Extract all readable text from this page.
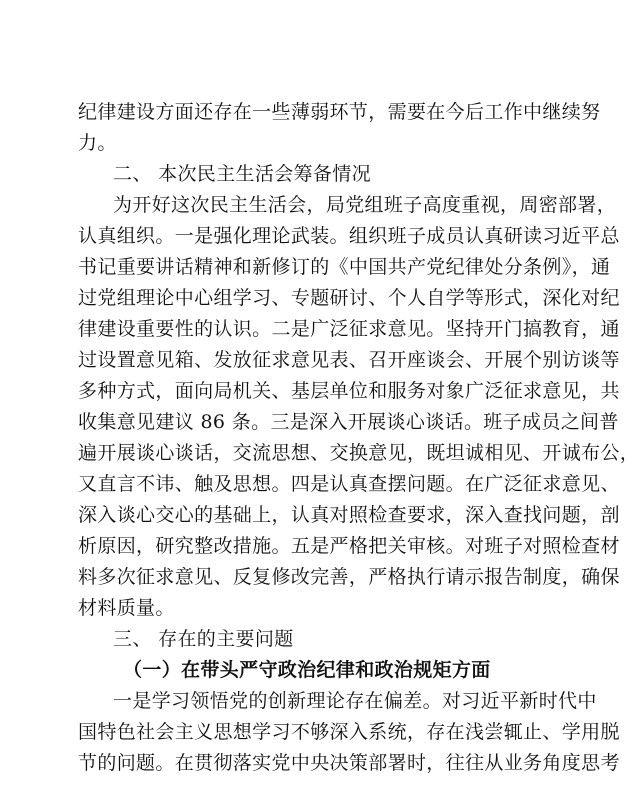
纪律建设方面还存在一些薄弱环节，需要在今后工作中继续努
力。
二、 本次民主生活会筹备情况
为开好这次民主生活会，局党组班子高度重视，周密部署，
认真组织。一是强化理论武装。组织班子成员认真研读习近平总
书记重要讲话精神和新修订的《中国共产党纪律处分条例》，通
过党组理论中心组学习、专题研讨、个人自学等形式，深化对纪
律建设重要性的认识。二是广泛征求意见。坚持开门搞教育，通
过设置意见箱、发放征求意见表、召开座谈会、开展个别访谈等
多种方式，面向局机关、基层单位和服务对象广泛征求意见，共
收集意见建议 86 条。三是深入开展谈心谈话。班子成员之间普
遍开展谈心谈话，交流思想、交换意见，既坦诚相见、开诚布公，
又直言不讳、触及思想。四是认真查摆问题。在广泛征求意见、
深入谈心交心的基础上，认真对照检查要求，深入查找问题，剖
析原因，研究整改措施。五是严格把关审核。对班子对照检查材
料多次征求意见、反复修改完善，严格执行请示报告制度，确保
材料质量。
三、 存在的主要问题
（一）在带头严守政治纪律和政治规矩方面
一是学习领悟党的创新理论存在偏差。对习近平新时代中
国特色社会主义思想学习不够深入系统，存在浅尝辄止、学用脱
节的问题。在贯彻落实党中央决策部署时，往往从业务角度思考
